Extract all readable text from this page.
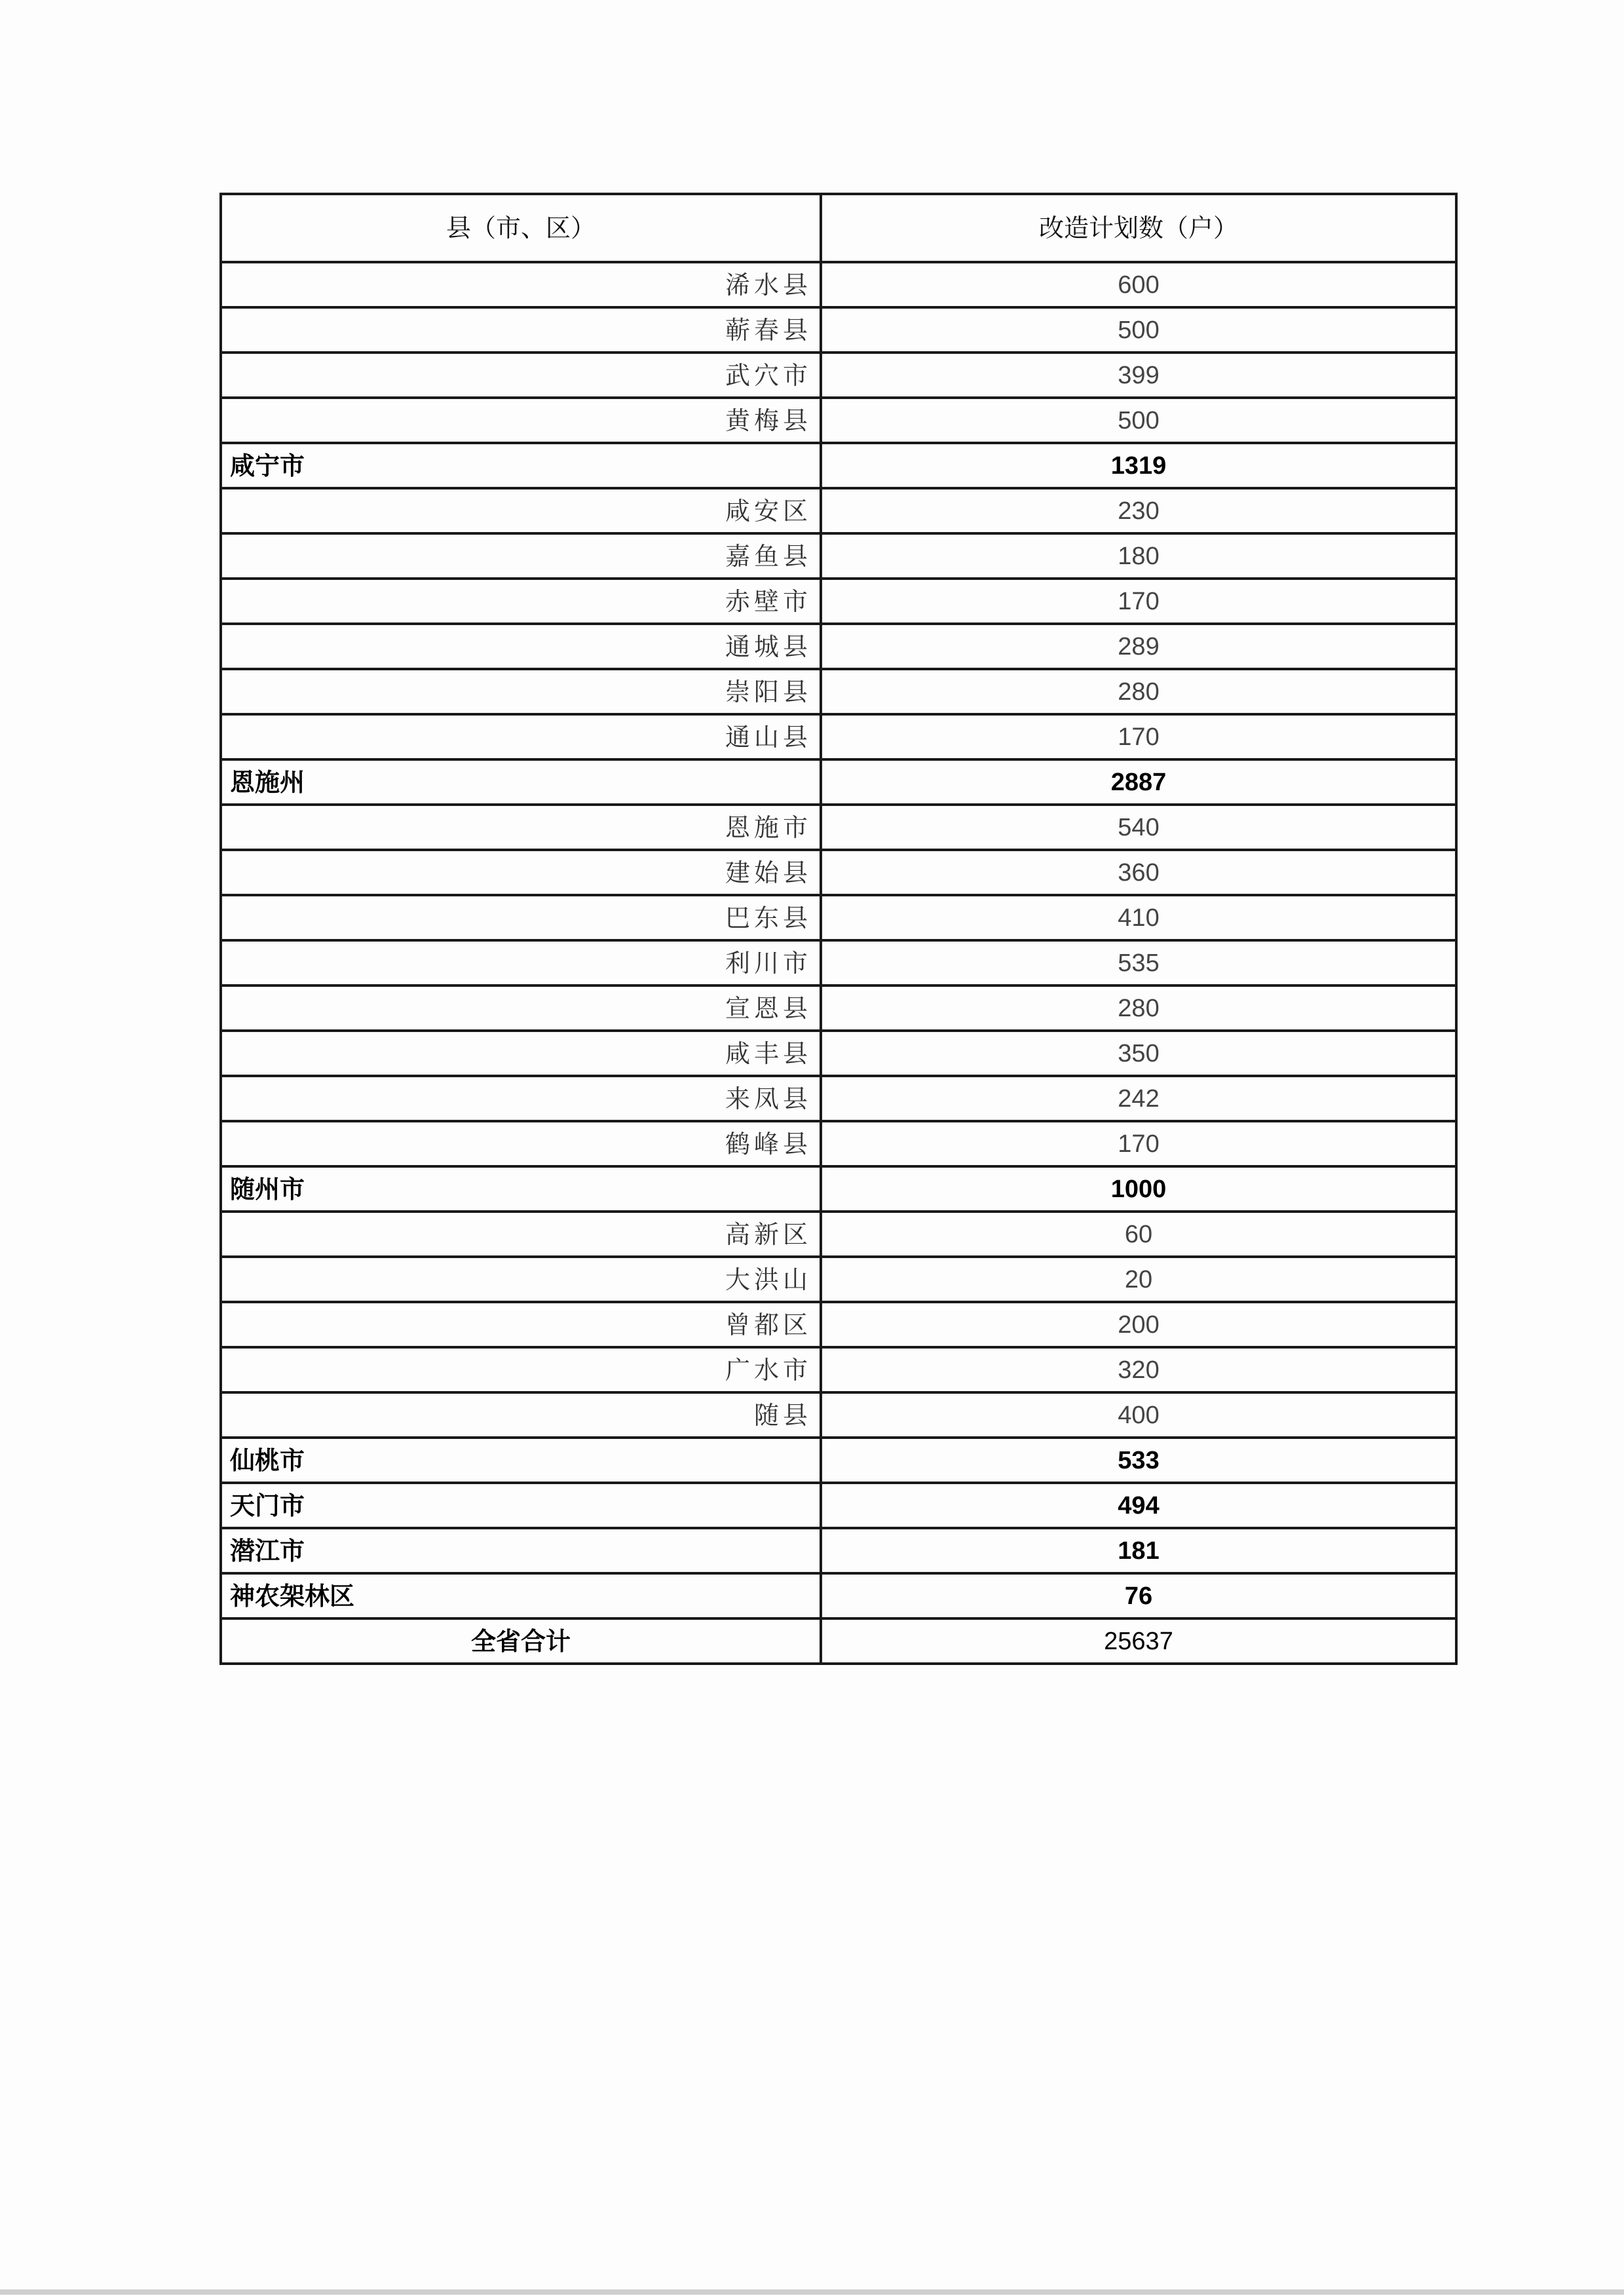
县（市、区）	改造计划数（户）
浠水县	600
蕲春县	500
武穴市	399
黄梅县	500
咸宁市	1319
咸安区	230
嘉鱼县	180
赤壁市	170
通城县	289
崇阳县	280
通山县	170
恩施州	2887
恩施市	540
建始县	360
巴东县	410
利川市	535
宣恩县	280
咸丰县	350
来凤县	242
鹤峰县	170
随州市	1000
高新区	60
大洪山	20
曾都区	200
广水市	320
随县	400
仙桃市	533
天门市	494
潜江市	181
神农架林区	76
全省合计	25637
